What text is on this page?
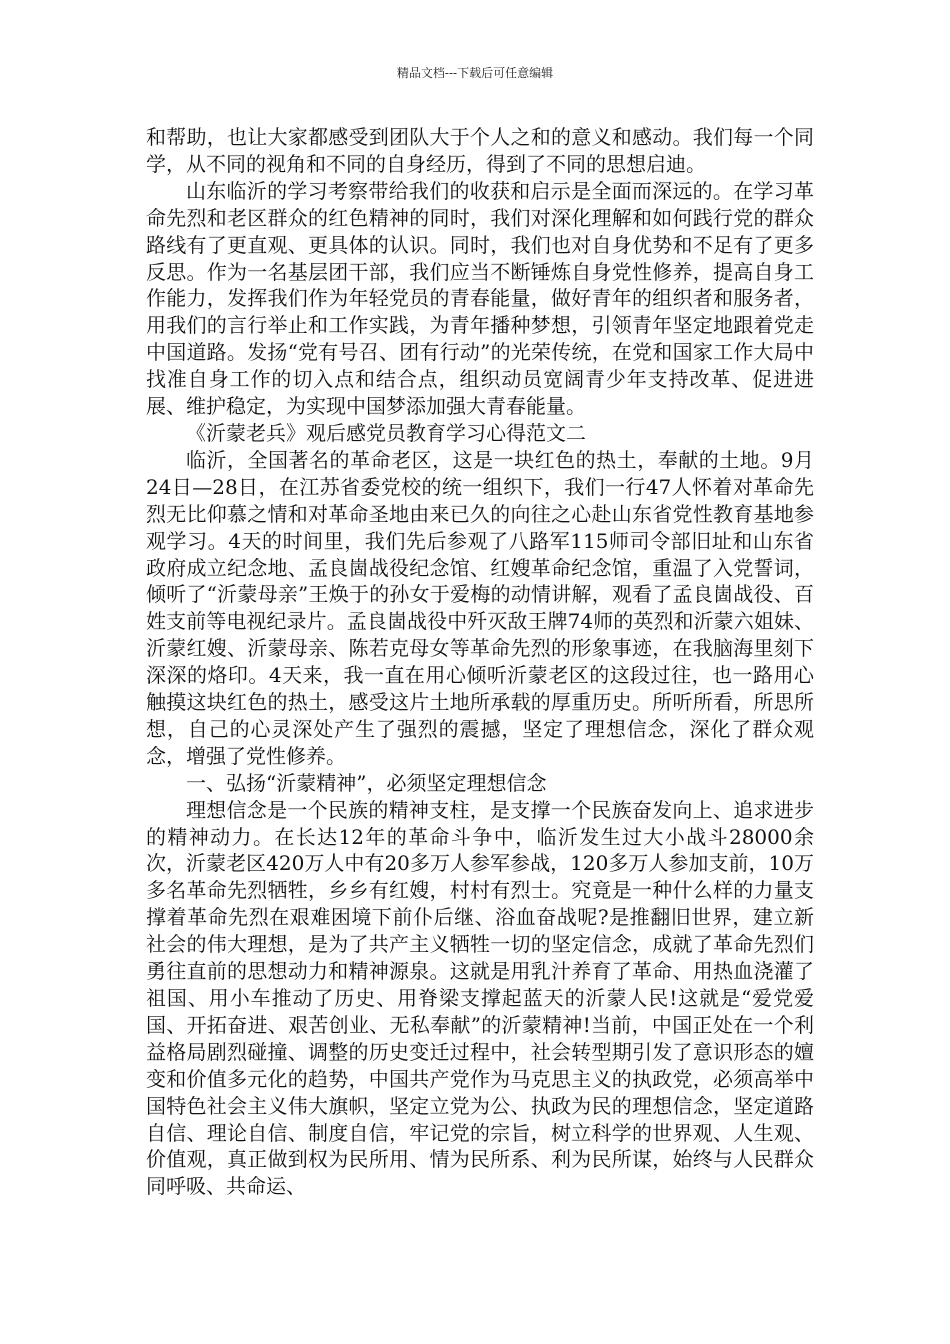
精品文档---下载后可任意编辑

和帮助，也让大家都感受到团队大于个人之和的意义和感动。我们每一个同学，从不同的视角和不同的自身经历，得到了不同的思想启迪。

山东临沂的学习考察带给我们的收获和启示是全面而深远的。在学习革命先烈和老区群众的红色精神的同时，我们对深化理解和如何践行党的群众路线有了更直观、更具体的认识。同时，我们也对自身优势和不足有了更多反思。作为一名基层团干部，我们应当不断锤炼自身党性修养，提高自身工作能力，发挥我们作为年轻党员的青春能量，做好青年的组织者和服务者，用我们的言行举止和工作实践，为青年播种梦想，引领青年坚定地跟着党走中国道路。发扬“党有号召、团有行动”的光荣传统，在党和国家工作大局中找准自身工作的切入点和结合点，组织动员宽阔青少年支持改革、促进进展、维护稳定，为实现中国梦添加强大青春能量。

《沂蒙老兵》观后感党员教育学习心得范文二

临沂，全国著名的革命老区，这是一块红色的热土，奉献的土地。9月24日—28日，在江苏省委党校的统一组织下，我们一行47人怀着对革命先烈无比仰慕之情和对革命圣地由来已久的向往之心赴山东省党性教育基地参观学习。4天的时间里，我们先后参观了八路军115师司令部旧址和山东省政府成立纪念地、孟良崮战役纪念馆、红嫂革命纪念馆，重温了入党誓词，倾听了“沂蒙母亲”王焕于的孙女于爱梅的动情讲解，观看了孟良崮战役、百姓支前等电视纪录片。孟良崮战役中歼灭敌王牌74师的英烈和沂蒙六姐妹、沂蒙红嫂、沂蒙母亲、陈若克母女等革命先烈的形象事迹，在我脑海里刻下深深的烙印。4天来，我一直在用心倾听沂蒙老区的这段过往，也一路用心触摸这块红色的热土，感受这片土地所承载的厚重历史。所听所看，所思所想，自己的心灵深处产生了强烈的震撼，坚定了理想信念，深化了群众观念，增强了党性修养。

一、弘扬“沂蒙精神”，必须坚定理想信念

理想信念是一个民族的精神支柱，是支撑一个民族奋发向上、追求进步的精神动力。在长达12年的革命斗争中，临沂发生过大小战斗28000余次，沂蒙老区420万人中有20多万人参军参战，120多万人参加支前，10万多名革命先烈牺牲，乡乡有红嫂，村村有烈士。究竟是一种什么样的力量支撑着革命先烈在艰难困境下前仆后继、浴血奋战呢?是推翻旧世界，建立新社会的伟大理想，是为了共产主义牺牲一切的坚定信念，成就了革命先烈们勇往直前的思想动力和精神源泉。这就是用乳汁养育了革命、用热血浇灌了祖国、用小车推动了历史、用脊梁支撑起蓝天的沂蒙人民!这就是“爱党爱国、开拓奋进、艰苦创业、无私奉献”的沂蒙精神!当前，中国正处在一个利益格局剧烈碰撞、调整的历史变迁过程中，社会转型期引发了意识形态的嬗变和价值多元化的趋势，中国共产党作为马克思主义的执政党，必须高举中国特色社会主义伟大旗帜，坚定立党为公、执政为民的理想信念，坚定道路自信、理论自信、制度自信，牢记党的宗旨，树立科学的世界观、人生观、价值观，真正做到权为民所用、情为民所系、利为民所谋，始终与人民群众同呼吸、共命运、
